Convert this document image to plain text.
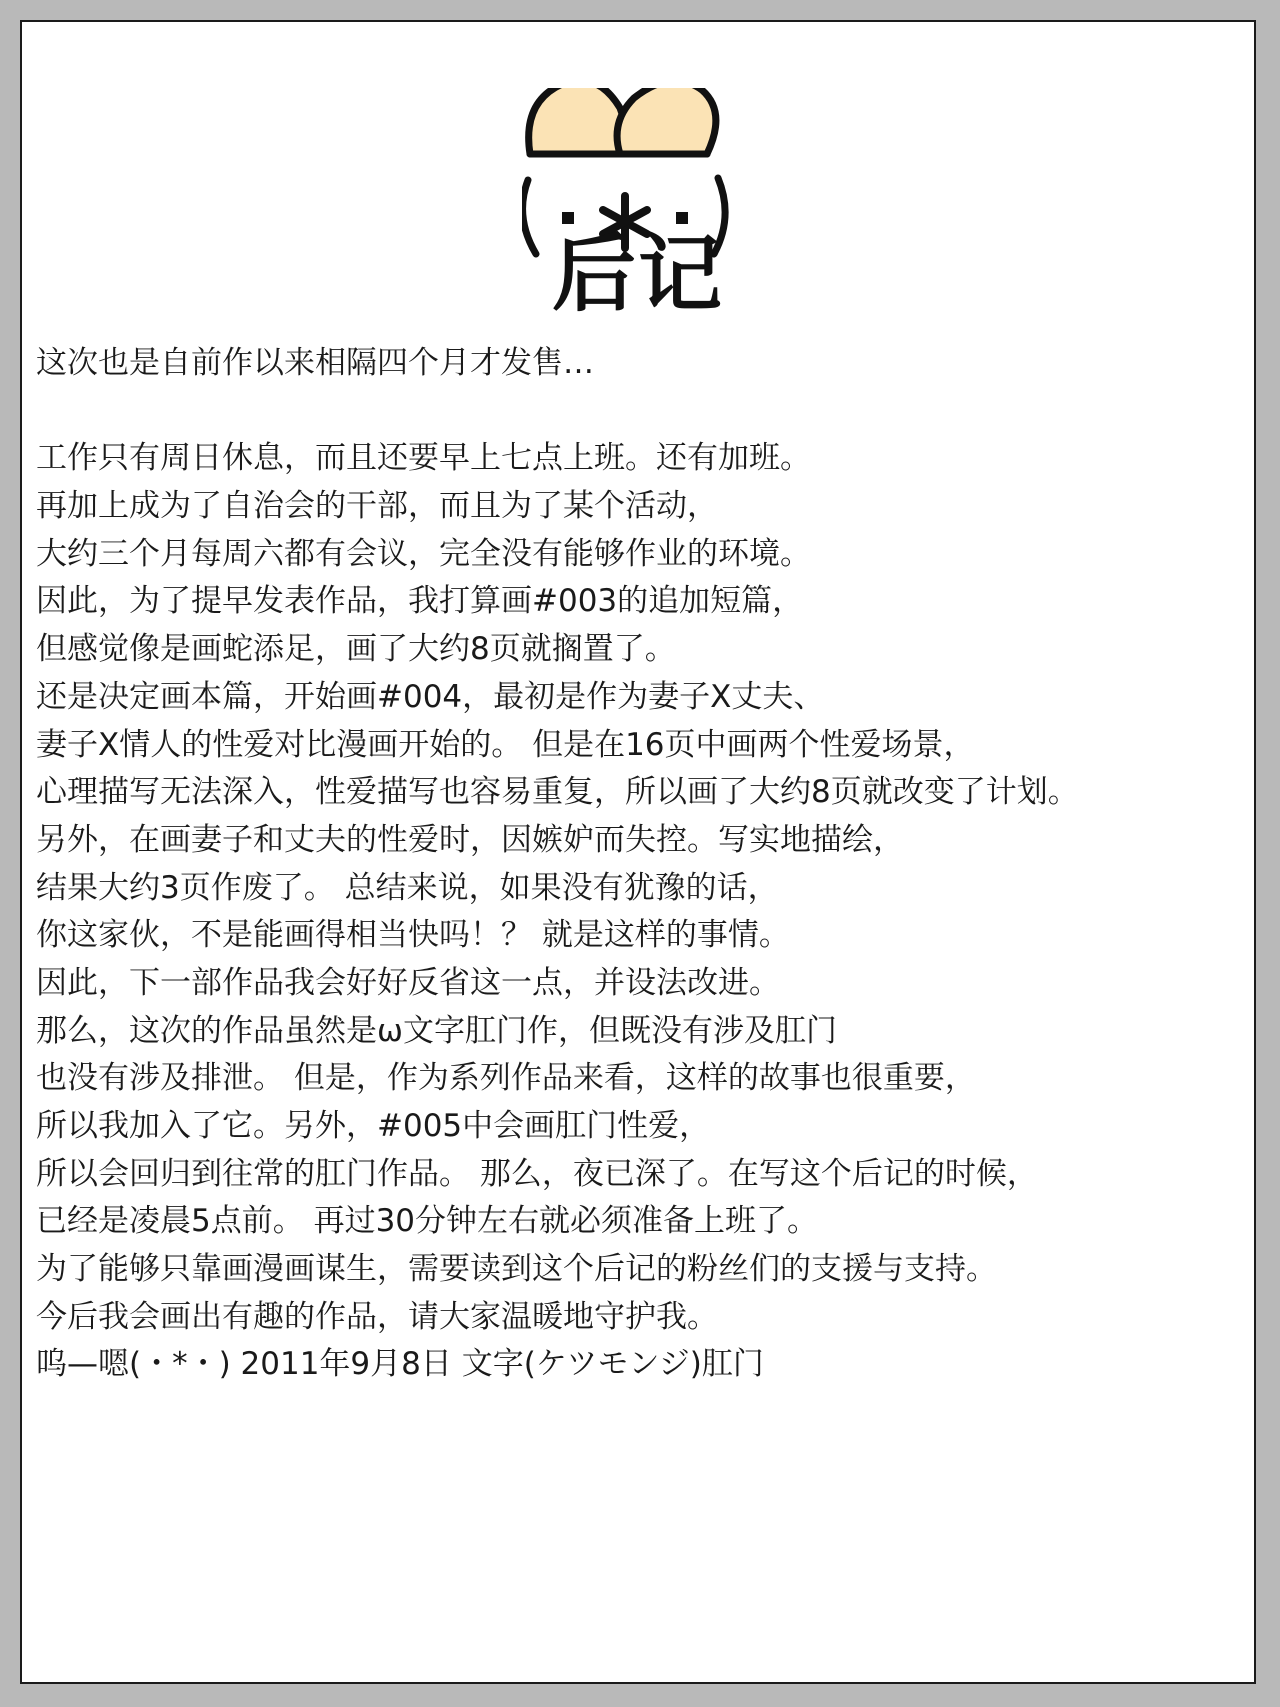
后记
这次也是自前作以来相隔四个月才发售…
工作只有周日休息，而且还要早上七点上班。还有加班。
再加上成为了自治会的干部，而且为了某个活动，
大约三个月每周六都有会议，完全没有能够作业的环境。
因此，为了提早发表作品，我打算画#003的追加短篇，
但感觉像是画蛇添足，画了大约8页就搁置了。
还是决定画本篇，开始画#004，最初是作为妻子X丈夫、
妻子X情人的性爱对比漫画开始的。 但是在16页中画两个性爱场景，
心理描写无法深入，性爱描写也容易重复，所以画了大约8页就改变了计划。
另外，在画妻子和丈夫的性爱时，因嫉妒而失控。写实地描绘，
结果大约3页作废了。 总结来说，如果没有犹豫的话，
你这家伙，不是能画得相当快吗！？ 就是这样的事情。
因此，下一部作品我会好好反省这一点，并设法改进。
那么，这次的作品虽然是ω文字肛门作，但既没有涉及肛门
也没有涉及排泄。 但是，作为系列作品来看，这样的故事也很重要，
所以我加入了它。另外，#005中会画肛门性爱，
所以会回归到往常的肛门作品。 那么，夜已深了。在写这个后记的时候，
已经是凌晨5点前。 再过30分钟左右就必须准备上班了。
为了能够只靠画漫画谋生，需要读到这个后记的粉丝们的支援与支持。
今后我会画出有趣的作品，请大家温暖地守护我。
呜—嗯(・*・) 2011年9月8日 文字(ケツモンジ)肛门
